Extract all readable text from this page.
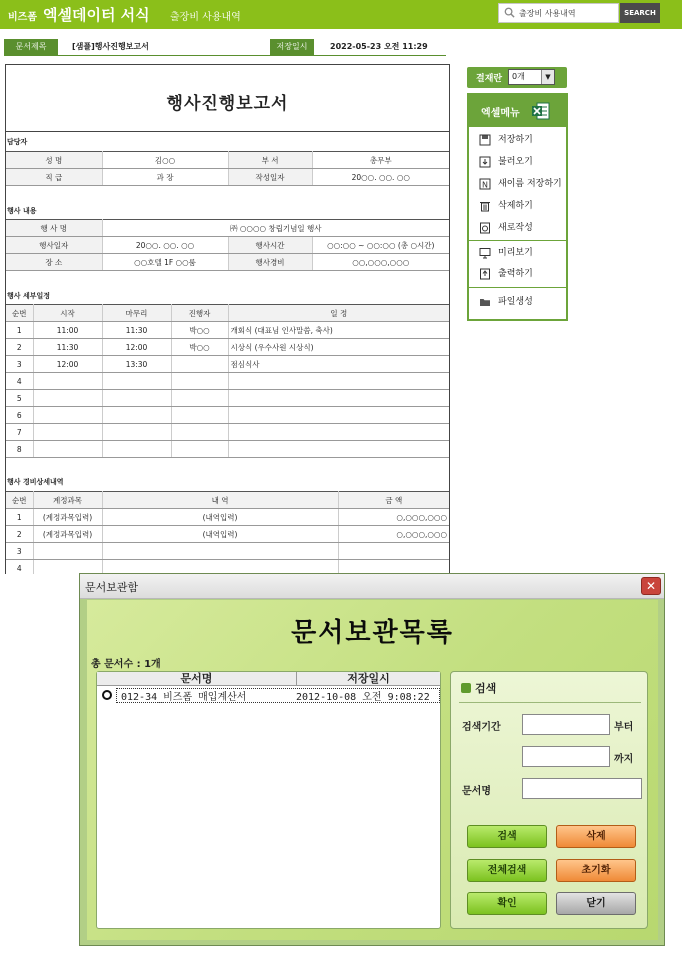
비즈폼 엑셀데이터 서식 출장비 사용내역
출장비 사용내역	SEARCH
문서제목	[샘플]행사진행보고서	저장일시	2022-05-23 오전 11:29
행사진행보고서
담당자
성 명	김○○	부 서	총무부
직 급	과 장	작성일자	20○○. ○○. ○○
행사 내용
행 사 명	㈜ ○○○○ 창립기념일 행사		
행사일자	20○○. ○○. ○○	행사시간	○○:○○ ~ ○○:○○ (총 ○시간)
장 소	○○호텔 1F ○○룸	행사경비	○○,○○○,○○○
행사 세부일정
순번	시작	마무리	진행자	일 정
1	11:00	11:30	박○○	개회식 (대표님 인사말씀, 축사)
2	11:30	12:00	박○○	시상식 (우수사원 시상식)
3	12:00	13:30		점심식사
4				
5				
6				
7				
8				
행사 경비상세내역
순번	계정과목	내 역	금 액
1	(계정과목입력)	(내역입력)	○,○○○,○○○
2	(계정과목입력)	(내역입력)	○,○○○,○○○
3			
4			
결재란	0개	▼
엑셀메뉴
저장하기
불러오기
N 새이름 저장하기
삭제하기
새로작성
미리보기
출력하기
파일생성
문서보관함	✕
문서보관목록
총 문서수 : 1개
문서명	저장일시
012-34_비즈폼 매입계산서	2012-10-08 오전 9:08:22
검색
검색기간	부터
까지
문서명
검색	삭제
전체검색	초기화
확인	닫기
